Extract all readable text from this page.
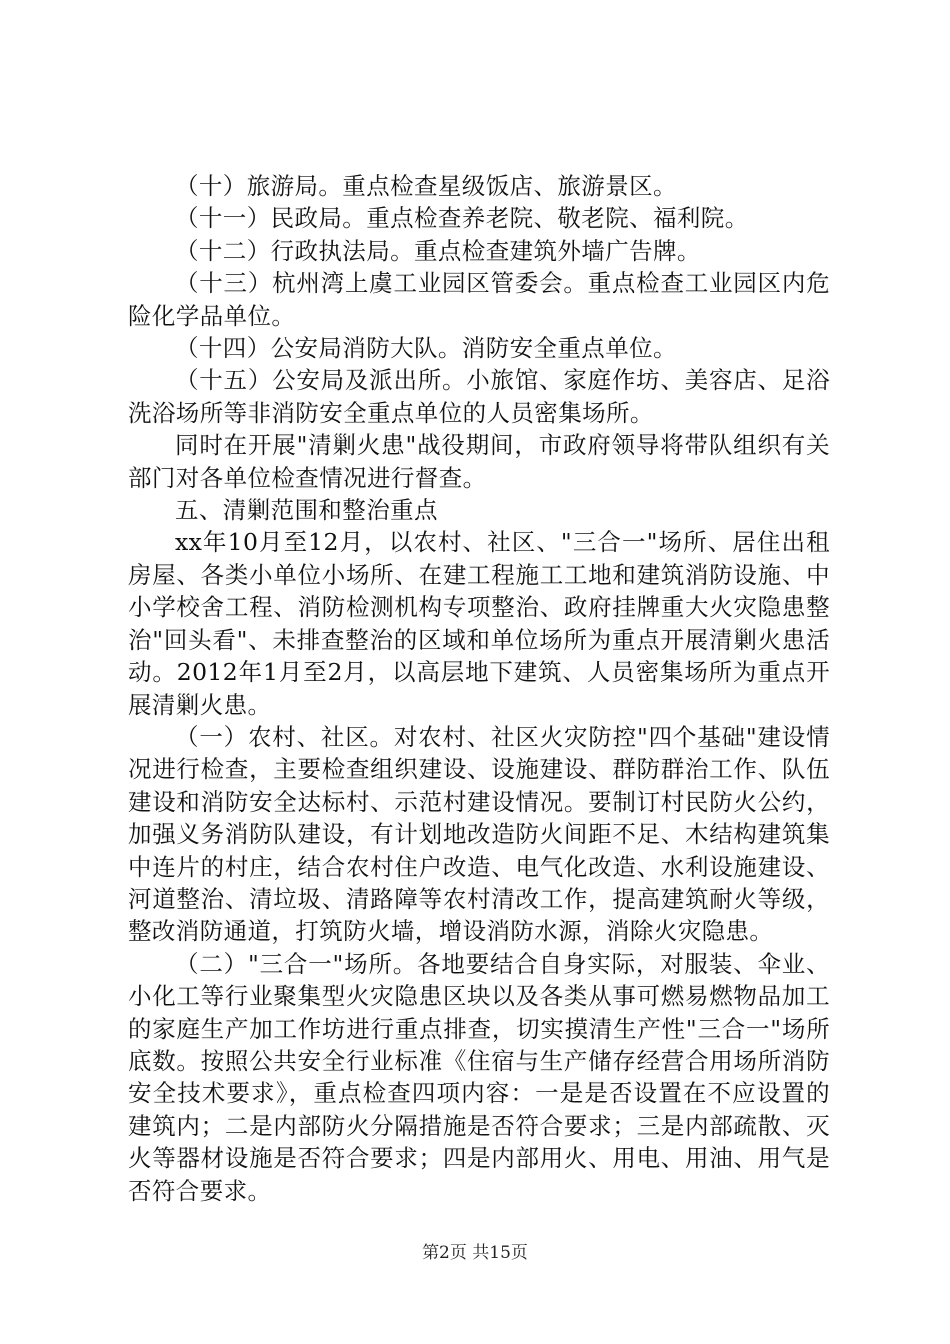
（十）旅游局。重点检查星级饭店、旅游景区。

（十一）民政局。重点检查养老院、敬老院、福利院。

（十二）行政执法局。重点检查建筑外墙广告牌。

（十三）杭州湾上虞工业园区管委会。重点检查工业园区内危险化学品单位。

（十四）公安局消防大队。消防安全重点单位。

（十五）公安局及派出所。小旅馆、家庭作坊、美容店、足浴洗浴场所等非消防安全重点单位的人员密集场所。

同时在开展"清剿火患"战役期间，市政府领导将带队组织有关部门对各单位检查情况进行督查。

五、清剿范围和整治重点

xx年10月至12月，以农村、社区、"三合一"场所、居住出租房屋、各类小单位小场所、在建工程施工工地和建筑消防设施、中小学校舍工程、消防检测机构专项整治、政府挂牌重大火灾隐患整治"回头看"、未排查整治的区域和单位场所为重点开展清剿火患活动。2012年1月至2月，以高层地下建筑、人员密集场所为重点开展清剿火患。

（一）农村、社区。对农村、社区火灾防控"四个基础"建设情况进行检查，主要检查组织建设、设施建设、群防群治工作、队伍建设和消防安全达标村、示范村建设情况。要制订村民防火公约，加强义务消防队建设，有计划地改造防火间距不足、木结构建筑集中连片的村庄，结合农村住户改造、电气化改造、水利设施建设、河道整治、清垃圾、清路障等农村清改工作，提高建筑耐火等级，整改消防通道，打筑防火墙，增设消防水源，消除火灾隐患。

（二）"三合一"场所。各地要结合自身实际，对服装、伞业、小化工等行业聚集型火灾隐患区块以及各类从事可燃易燃物品加工的家庭生产加工作坊进行重点排查，切实摸清生产性"三合一"场所底数。按照公共安全行业标准《住宿与生产储存经营合用场所消防安全技术要求》，重点检查四项内容：一是是否设置在不应设置的建筑内；二是内部防火分隔措施是否符合要求；三是内部疏散、灭火等器材设施是否符合要求；四是内部用火、用电、用油、用气是否符合要求。

第2页 共15页
